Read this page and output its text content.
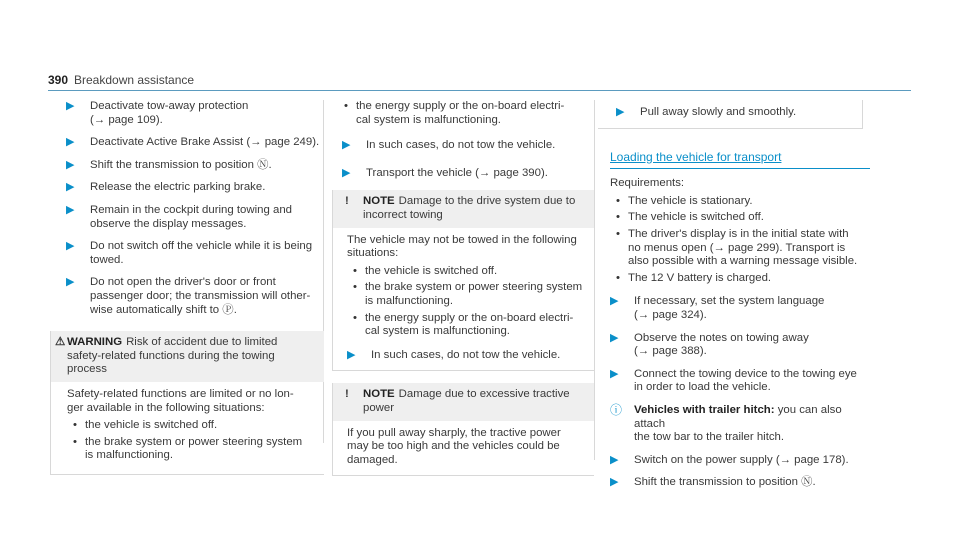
390 Breakdown assistance
▶ Deactivate tow-away protection
(→ page 109).
▶ Deactivate Active Brake Assist (→ page 249).
▶ Shift the transmission to position Ⓝ.
▶ Release the electric parking brake.
▶ Remain in the cockpit during towing and
observe the display messages.
▶ Do not switch off the vehicle while it is being
towed.
▶ Do not open the driver's door or front
passenger door; the transmission will other-
wise automatically shift to Ⓟ.
⚠ WARNING Risk of accident due to limited
safety-related functions during the towing
process
Safety-related functions are limited or no lon-
ger available in the following situations:
• the vehicle is switched off.
• the brake system or power steering system
is malfunctioning.
• the energy supply or the on-board electri-
cal system is malfunctioning.
▶ In such cases, do not tow the vehicle.
▶ Transport the vehicle (→ page 390).
! NOTE Damage to the drive system due to
incorrect towing
The vehicle may not be towed in the following
situations:
• the vehicle is switched off.
• the brake system or power steering system
is malfunctioning.
• the energy supply or the on-board electri-
cal system is malfunctioning.
▶ In such cases, do not tow the vehicle.
! NOTE Damage due to excessive tractive
power
If you pull away sharply, the tractive power
may be too high and the vehicles could be
damaged.
▶ Pull away slowly and smoothly.
Loading the vehicle for transport
Requirements:
• The vehicle is stationary.
• The vehicle is switched off.
• The driver's display is in the initial state with
no menus open (→ page 299). Transport is
also possible with a warning message visible.
• The 12 V battery is charged.
▶ If necessary, set the system language
(→ page 324).
▶ Observe the notes on towing away
(→ page 388).
▶ Connect the towing device to the towing eye
in order to load the vehicle.
ⓘ Vehicles with trailer hitch: you can also attach
the tow bar to the trailer hitch.
▶ Switch on the power supply (→ page 178).
▶ Shift the transmission to position Ⓝ.
